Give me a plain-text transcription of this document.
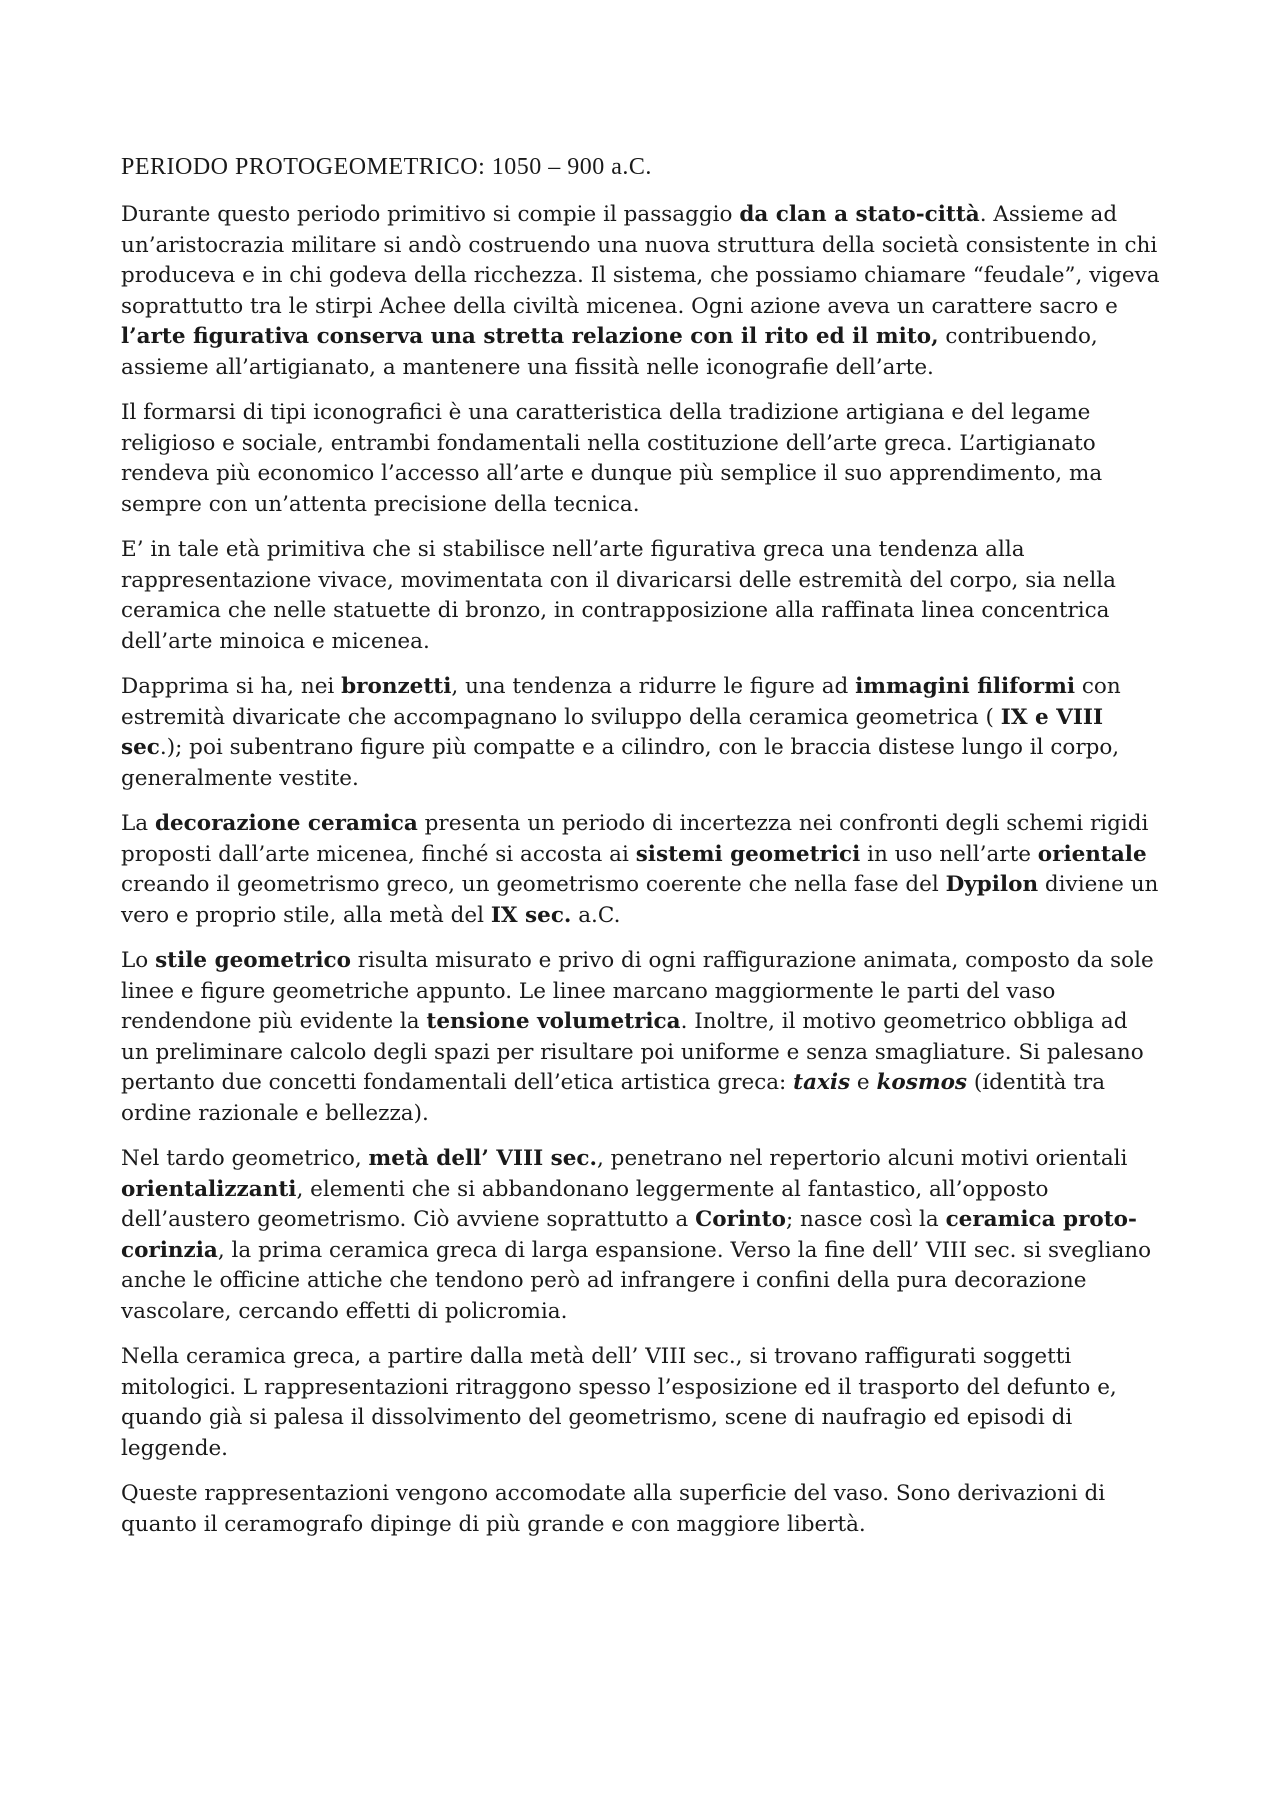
PERIODO PROTOGEOMETRICO: 1050 – 900 a.C.

Durante questo periodo primitivo si compie il passaggio da clan a stato-città. Assieme ad un’aristocrazia militare si andò costruendo una nuova struttura della società consistente in chi produceva e in chi godeva della ricchezza. Il sistema, che possiamo chiamare “feudale”, vigeva soprattutto tra le stirpi Achee della civiltà micenea. Ogni azione aveva un carattere sacro e l’arte figurativa conserva una stretta relazione con il rito ed il mito, contribuendo, assieme all’artigianato, a mantenere una fissità nelle iconografie dell’arte.

Il formarsi di tipi iconografici è una caratteristica della tradizione artigiana e del legame religioso e sociale, entrambi fondamentali nella costituzione dell’arte greca. L’artigianato rendeva più economico l’accesso all’arte e dunque più semplice il suo apprendimento, ma sempre con un’attenta precisione della tecnica.

E’ in tale età primitiva che si stabilisce nell’arte figurativa greca una tendenza alla rappresentazione vivace, movimentata con il divaricarsi delle estremità del corpo, sia nella ceramica che nelle statuette di bronzo, in contrapposizione alla raffinata linea concentrica dell’arte minoica e micenea.

Dapprima si ha, nei bronzetti, una tendenza a ridurre le figure ad immagini filiformi con estremità divaricate che accompagnano lo sviluppo della ceramica geometrica ( IX e VIII sec.); poi subentrano figure più compatte e a cilindro, con le braccia distese lungo il corpo, generalmente vestite.

La decorazione ceramica presenta un periodo di incertezza nei confronti degli schemi rigidi proposti dall’arte micenea, finché si accosta ai sistemi geometrici in uso nell’arte orientale creando il geometrismo greco, un geometrismo coerente che nella fase del Dypilon diviene un vero e proprio stile, alla metà del IX sec. a.C.

Lo stile geometrico risulta misurato e privo di ogni raffigurazione animata, composto da sole linee e figure geometriche appunto. Le linee marcano maggiormente le parti del vaso rendendone più evidente la tensione volumetrica. Inoltre, il motivo geometrico obbliga ad un preliminare calcolo degli spazi per risultare poi uniforme e senza smagliature. Si palesano pertanto due concetti fondamentali dell’etica artistica greca: taxis e kosmos (identità tra ordine razionale e bellezza).

Nel tardo geometrico, metà dell’ VIII sec., penetrano nel repertorio alcuni motivi orientali orientalizzanti, elementi che si abbandonano leggermente al fantastico, all’opposto dell’austero geometrismo. Ciò avviene soprattutto a Corinto; nasce così la ceramica proto-corinzia, la prima ceramica greca di larga espansione. Verso la fine dell’ VIII sec. si svegliano anche le officine attiche che tendono però ad infrangere i confini della pura decorazione vascolare, cercando effetti di policromia.

Nella ceramica greca, a partire dalla metà dell’ VIII sec., si trovano raffigurati soggetti mitologici. L rappresentazioni ritraggono spesso l’esposizione ed il trasporto del defunto e, quando già si palesa il dissolvimento del geometrismo, scene di naufragio ed episodi di leggende.

Queste rappresentazioni vengono accomodate alla superficie del vaso. Sono derivazioni di quanto il ceramografo dipinge di più grande e con maggiore libertà.
